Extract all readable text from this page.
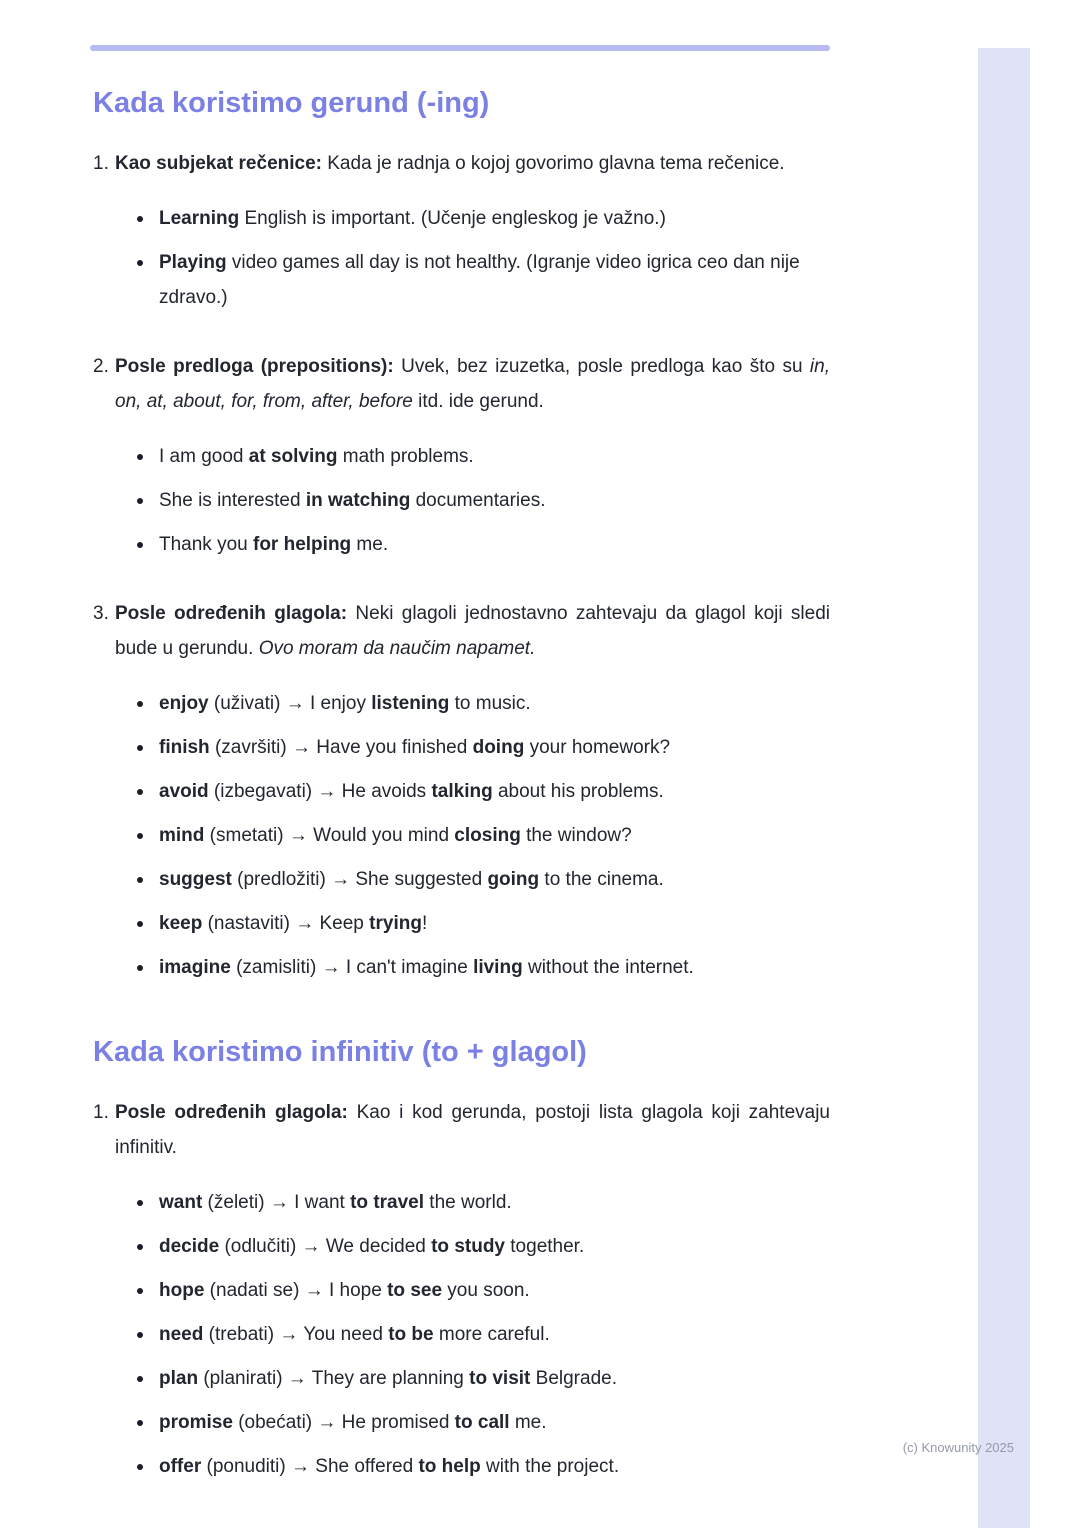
Kada koristimo gerund (-ing)
1. Kao subjekat rečenice: Kada je radnja o kojoj govorimo glavna tema rečenice.

Learning English is important. (Učenje engleskog je važno.)
Playing video games all day is not healthy. (Igranje video igrica ceo dan nije zdravo.)
2. Posle predloga (prepositions): Uvek, bez izuzetka, posle predloga kao što su in, on, at, about, for, from, after, before itd. ide gerund.

I am good at solving math problems.
She is interested in watching documentaries.
Thank you for helping me.
3. Posle određenih glagola: Neki glagoli jednostavno zahtevaju da glagol koji sledi bude u gerundu. Ovo moram da naučim napamet.

enjoy (uživati) → I enjoy listening to music.
finish (završiti) → Have you finished doing your homework?
avoid (izbegavati) → He avoids talking about his problems.
mind (smetati) → Would you mind closing the window?
suggest (predložiti) → She suggested going to the cinema.
keep (nastaviti) → Keep trying!
imagine (zamisliti) → I can't imagine living without the internet.
Kada koristimo infinitiv (to + glagol)
1. Posle određenih glagola: Kao i kod gerunda, postoji lista glagola koji zahtevaju infinitiv.

want (želeti) → I want to travel the world.
decide (odlučiti) → We decided to study together.
hope (nadati se) → I hope to see you soon.
need (trebati) → You need to be more careful.
plan (planirati) → They are planning to visit Belgrade.
promise (obećati) → He promised to call me.
offer (ponuditi) → She offered to help with the project.
(c) Knowunity 2025
